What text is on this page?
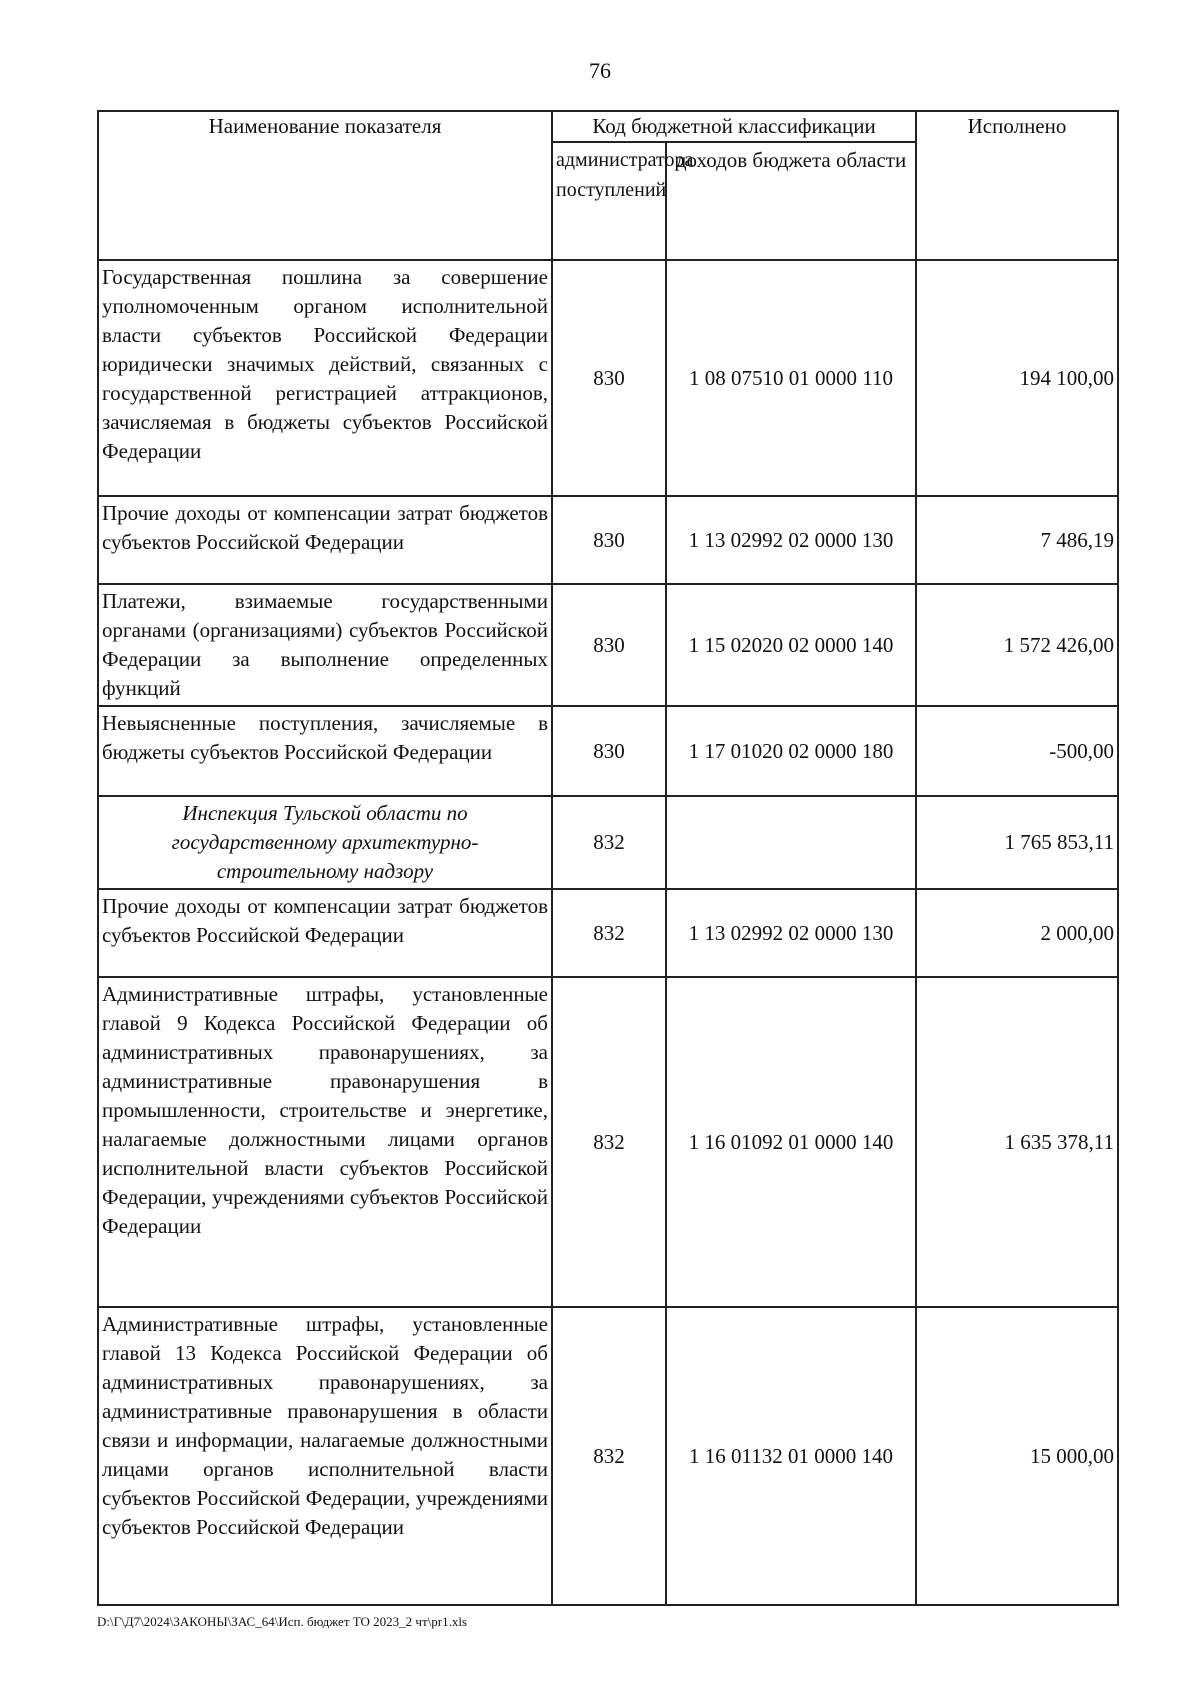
76
Наименование показателя	Код бюджетной классификации		Исполнено
	администратора поступлений	доходов бюджета области	
Государственная пошлина за совершение уполномоченным органом исполнительной власти субъектов Российской Федерации юридически значимых действий, связанных с государственной регистрацией аттракционов, зачисляемая в бюджеты субъектов Российской Федерации	830	1 08 07510 01 0000 110	194 100,00
Прочие доходы от компенсации затрат бюджетов субъектов Российской Федерации	830	1 13 02992 02 0000 130	7 486,19
Платежи, взимаемые государственными органами (организациями) субъектов Российской Федерации за выполнение определенных функций	830	1 15 02020 02 0000 140	1 572 426,00
Невыясненные поступления, зачисляемые в бюджеты субъектов Российской Федерации	830	1 17 01020 02 0000 180	-500,00
Инспекция Тульской области по государственному архитектурно-строительному надзору	832		1 765 853,11
Прочие доходы от компенсации затрат бюджетов субъектов Российской Федерации	832	1 13 02992 02 0000 130	2 000,00
Административные штрафы, установленные главой 9 Кодекса Российской Федерации об административных правонарушениях, за административные правонарушения в промышленности, строительстве и энергетике, налагаемые должностными лицами органов исполнительной власти субъектов Российской Федерации, учреждениями субъектов Российской Федерации	832	1 16 01092 01 0000 140	1 635 378,11
Административные штрафы, установленные главой 13 Кодекса Российской Федерации об административных правонарушениях, за административные правонарушения в области связи и информации, налагаемые должностными лицами органов исполнительной власти субъектов Российской Федерации, учреждениями субъектов Российской Федерации	832	1 16 01132 01 0000 140	15 000,00
D:\Г\Д7\2024\ЗАКОНЫ\ЗАС_64\Исп. бюджет ТО 2023_2 чт\pr1.xls
